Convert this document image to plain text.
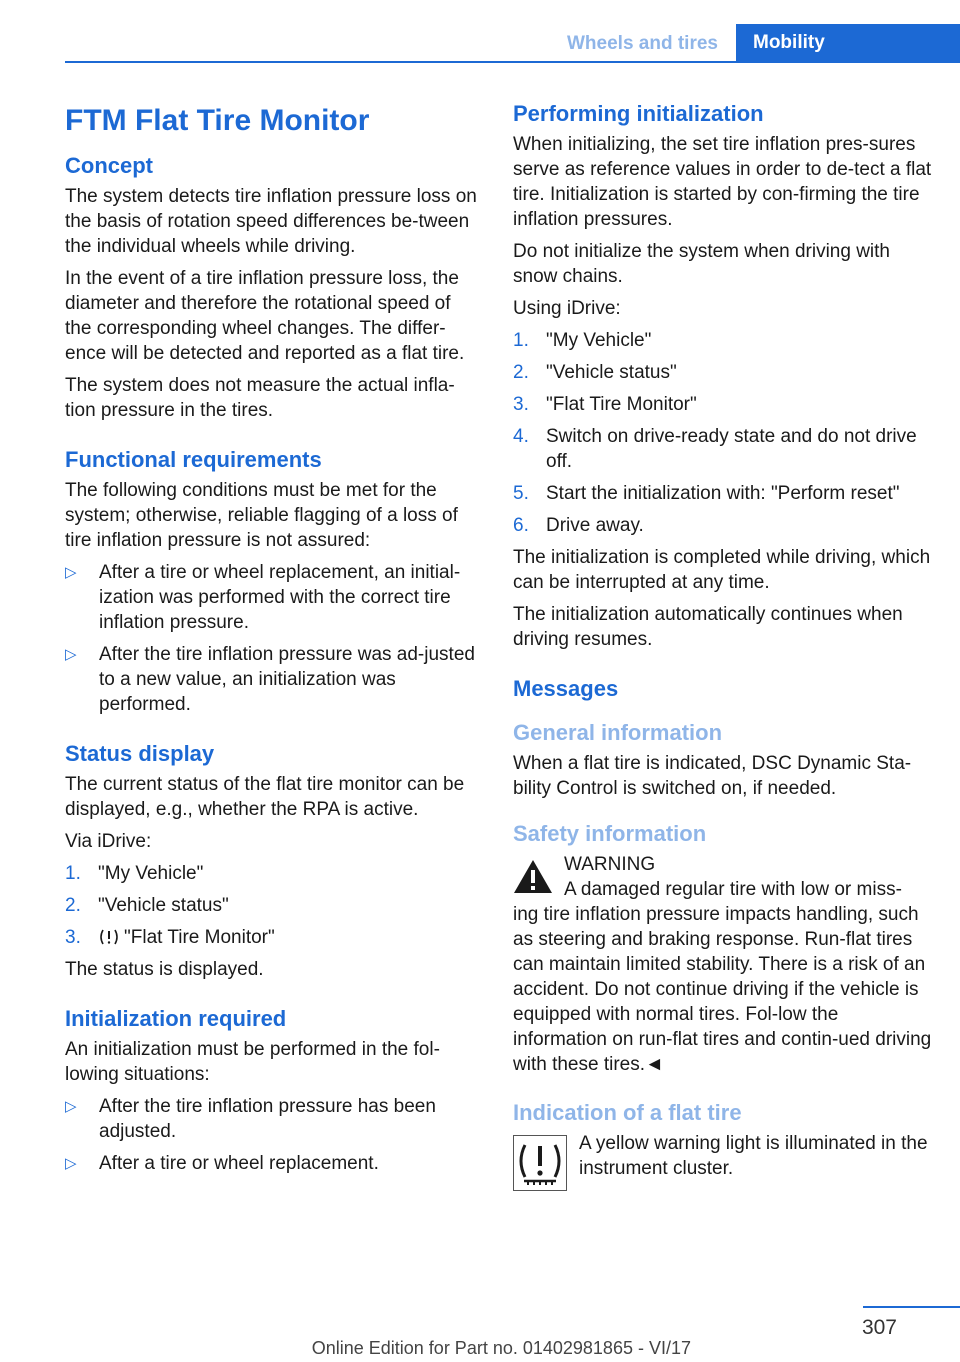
Wheels and tires	Mobility
FTM Flat Tire Monitor
Concept

The system detects tire inflation pressure loss on the basis of rotation speed differences be-tween the individual wheels while driving.

In the event of a tire inflation pressure loss, the diameter and therefore the rotational speed of the corresponding wheel changes. The differ-ence will be detected and reported as a flat tire.

The system does not measure the actual infla-tion pressure in the tires.

Functional requirements

The following conditions must be met for the system; otherwise, reliable flagging of a loss of tire inflation pressure is not assured:

▷ After a tire or wheel replacement, an initial-ization was performed with the correct tire inflation pressure.
▷ After the tire inflation pressure was ad-justed to a new value, an initialization was performed.
Status display

The current status of the flat tire monitor can be displayed, e.g., whether the RPA is active.

Via iDrive:

1. "My Vehicle"
2. "Vehicle status"
3. "Flat Tire Monitor"

The status is displayed.

Initialization required

An initialization must be performed in the fol-lowing situations:

▷ After the tire inflation pressure has been adjusted.
▷ After a tire or wheel replacement.
Performing initialization

When initializing, the set tire inflation pres-sures serve as reference values in order to de-tect a flat tire. Initialization is started by con-firming the tire inflation pressures.

Do not initialize the system when driving with snow chains.

Using iDrive:

1. "My Vehicle"
2. "Vehicle status"
3. "Flat Tire Monitor"
4. Switch on drive-ready state and do not drive off.
5. Start the initialization with: "Perform reset"
6. Drive away.

The initialization is completed while driving, which can be interrupted at any time.

The initialization automatically continues when driving resumes.

Messages
General information

When a flat tire is indicated, DSC Dynamic Sta-bility Control is switched on, if needed.

Safety information
WARNING
A damaged regular tire with low or miss-
ing tire inflation pressure impacts handling, such as steering and braking response. Run-flat tires can maintain limited stability. There is a risk of an accident. Do not continue driving if the vehicle is equipped with normal tires. Fol-low the information on run-flat tires and contin-ued driving with these tires.◄
Indication of a flat tire

A yellow warning light is illuminated in the instrument cluster.

307
Online Edition for Part no. 01402981865 - VI/17
